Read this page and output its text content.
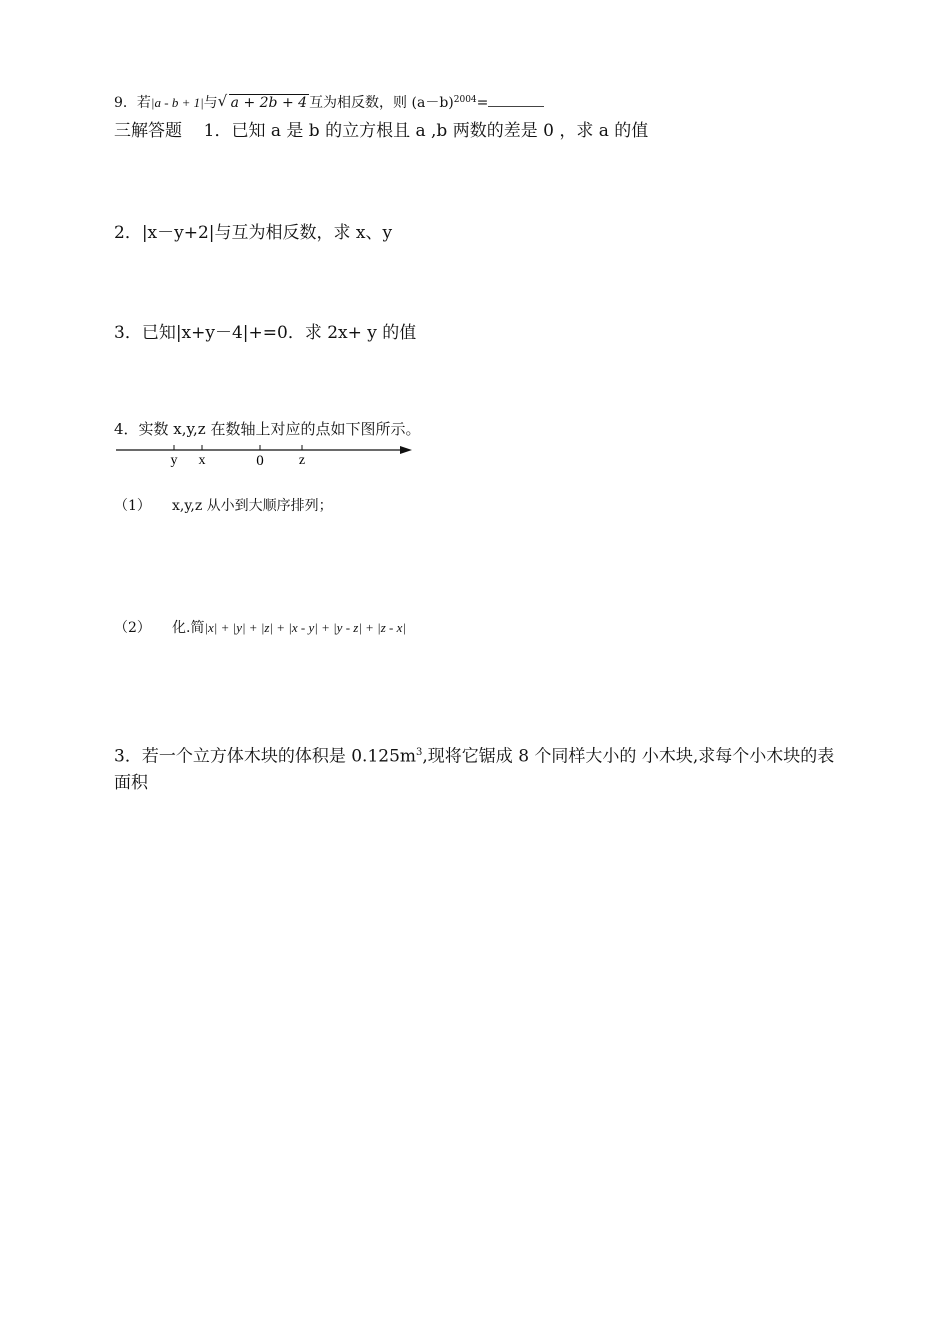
9．若|a - b + 1|与 √ a + 2b + 4 互为相反数，则 $(a-b)^{2004}=$
三解答题 1．已知 a 是 b 的立方根且 a ,b 两数的差是 0 ，求 a 的值
2．|x－y+2|与互为相反数，求 x、y
3．已知|x+y－4|+=0．求 2x+ y 的值
4．实数 x,y,z 在数轴上对应的点如下图所示。
y x	0	z
（1） x,y,z 从小到大顺序排列；
（2） 化.简|x| + |y| + |z| + |x - y| + |y - z| + |z - x|
3．若一个立方体木块的体积是 $0.125m^3$,现将它锯成 8 个同样大小的 小木块,求每个小木块的表面积
